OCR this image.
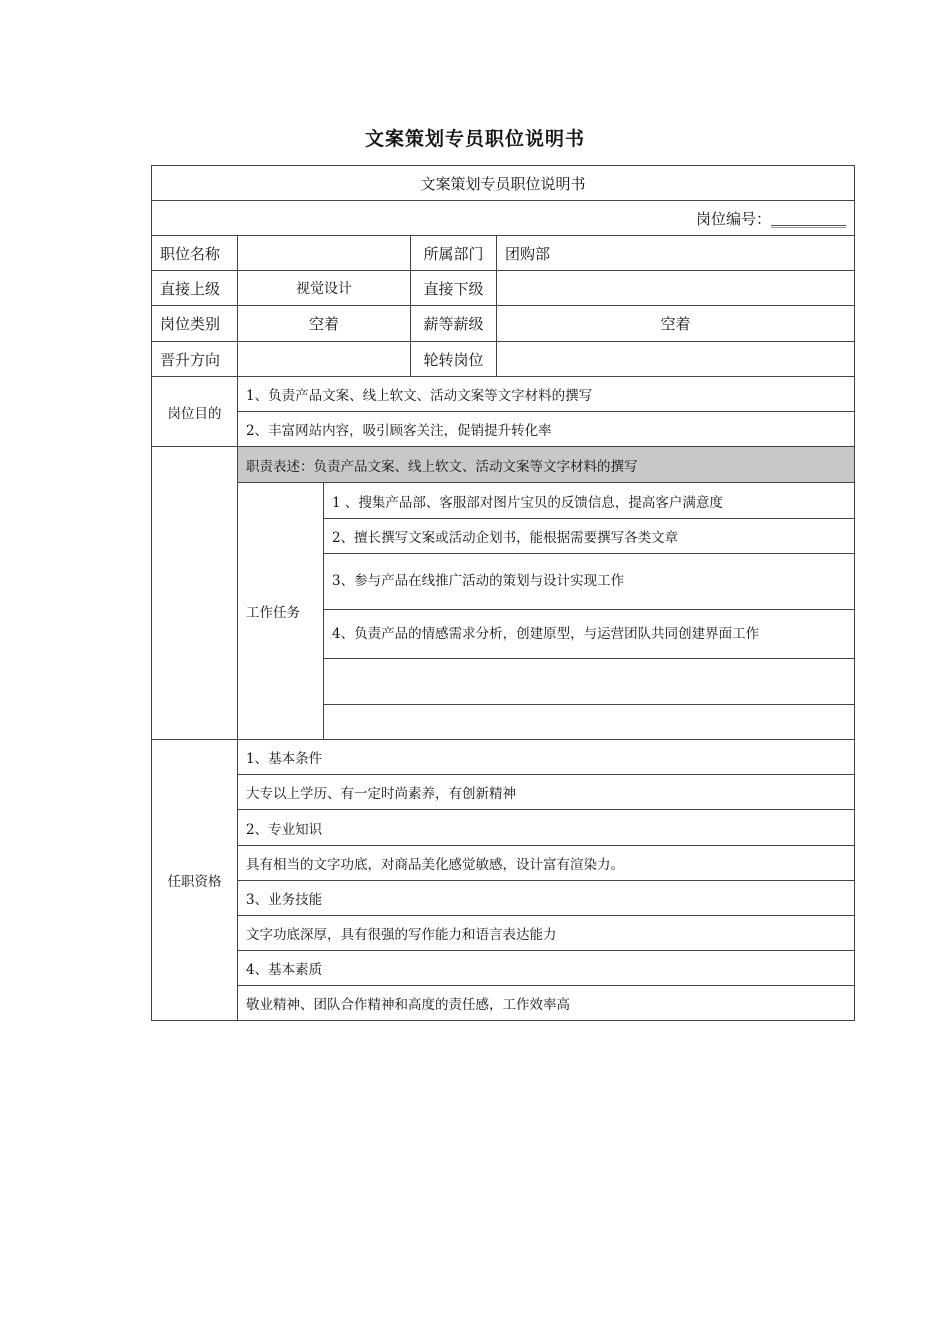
文案策划专员职位说明书
文案策划专员职位说明书				
岗位编号：__________				
职位名称			所属部门	团购部
直接上级	视觉设计		直接下级	
岗位类别	空着		薪等薪级	空着
晋升方向			轮转岗位	
岗位目的	1、负责产品文案、线上软文、活动文案等文字材料的撰写			
	2、丰富网站内容，吸引顾客关注，促销提升转化率			
	职责表述：负责产品文案、线上软文、活动文案等文字材料的撰写			
	工作任务	1 、搜集产品部、客服部对图片宝贝的反馈信息，提高客户满意度		
		2、擅长撰写文案或活动企划书，能根据需要撰写各类文章		
		3、参与产品在线推广活动的策划与设计实现工作		
		4、负责产品的情感需求分析，创建原型，与运营团队共同创建界面工作		

任职资格	1、基本条件			
	大专以上学历、有一定时尚素养，有创新精神			
	2、专业知识			
	具有相当的文字功底，对商品美化感觉敏感，设计富有渲染力。			
	3、业务技能			
	文字功底深厚，具有很强的写作能力和语言表达能力			
	4、基本素质			
	敬业精神、团队合作精神和高度的责任感，工作效率高			
